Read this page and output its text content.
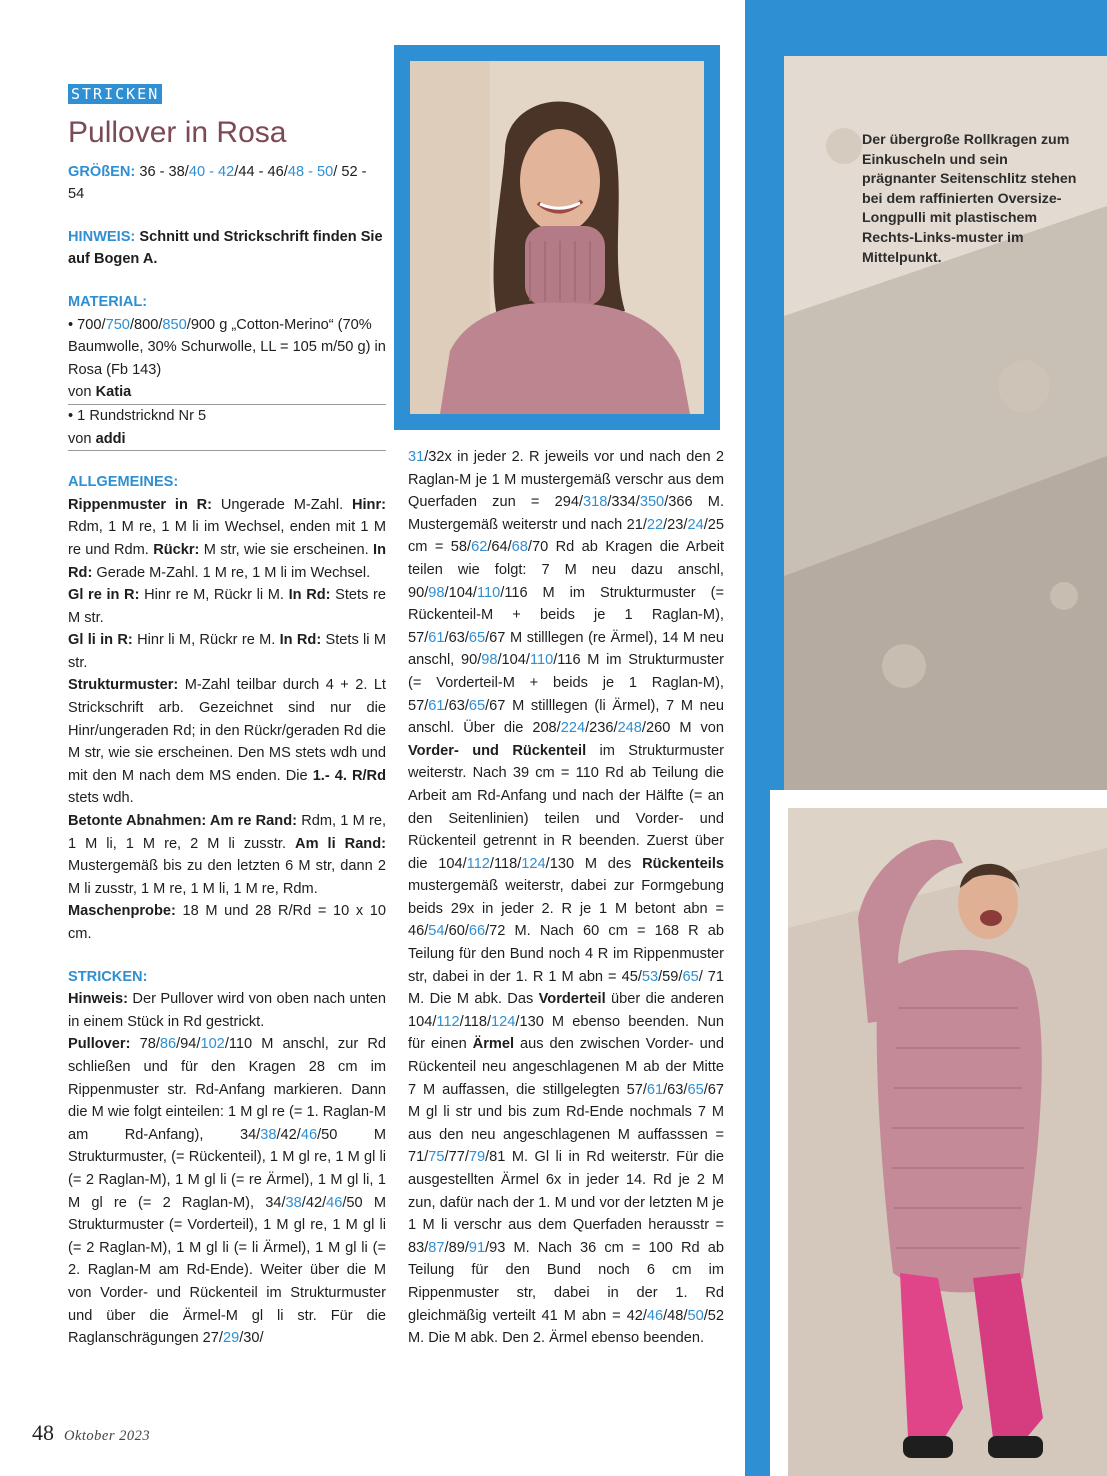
STRICKEN
Pullover in Rosa

GRÖßEN: 36 - 38/40 - 42/44 - 46/48 - 50/ 52 - 54

HINWEIS: Schnitt und Strickschrift finden Sie auf Bogen A.

MATERIAL:

• 700/750/800/850/900 g „Cotton-Merino“ (70% Baumwolle, 30% Schurwolle, LL = 105 m/50 g) in Rosa (Fb 143)

von Katia

• 1 Rundstricknd Nr 5

von addi

ALLGEMEINES:

Rippenmuster in R: Ungerade M-Zahl. Hinr: Rdm, 1 M re, 1 M li im Wechsel, enden mit 1 M re und Rdm. Rückr: M str, wie sie erscheinen. In Rd: Gerade M-Zahl. 1 M re, 1 M li im Wechsel.

Gl re in R: Hinr re M, Rückr li M. In Rd: Stets re M str.

Gl li in R: Hinr li M, Rückr re M. In Rd: Stets li M str.

Strukturmuster: M-Zahl teilbar durch 4 + 2. Lt Strickschrift arb. Gezeichnet sind nur die Hinr/ungeraden Rd; in den Rückr/geraden Rd die M str, wie sie erscheinen. Den MS stets wdh und mit den M nach dem MS enden. Die 1.- 4. R/Rd stets wdh.
Betonte Abnahmen: Am re Rand: Rdm, 1 M re, 1 M li, 1 M re, 2 M li zusstr. Am li Rand: Mustergemäß bis zu den letzten 6 M str, dann 2 M li zusstr, 1 M re, 1 M li, 1 M re, Rdm.
Maschenprobe: 18 M und 28 R/Rd = 10 x 10 cm.

STRICKEN:

Hinweis: Der Pullover wird von oben nach unten in einem Stück in Rd gestrickt.

Pullover: 78/86/94/102/110 M anschl, zur Rd schließen und für den Kragen 28 cm im Rippenmuster str. Rd-Anfang markieren. Dann die M wie folgt einteilen: 1 M gl re (= 1. Raglan-M am Rd-Anfang), 34/38/42/46/50 M Strukturmuster, (= Rückenteil), 1 M gl re, 1 M gl li (= 2 Raglan-M), 1 M gl li (= re Ärmel), 1 M gl li, 1 M gl re (= 2 Raglan-M), 34/38/42/46/50 M Strukturmuster (= Vorderteil), 1 M gl re, 1 M gl li (= 2 Raglan-M), 1 M gl li (= li Ärmel), 1 M gl li (= 2. Raglan-M am Rd-Ende). Weiter über die M von Vorder- und Rückenteil im Strukturmuster und über die Ärmel-M gl li str. Für die Raglanschrägungen 27/29/30/

31/32x in jeder 2. R jeweils vor und nach den 2 Raglan-M je 1 M mustergemäß verschr aus dem Querfaden zun = 294/318/334/350/366 M. Mustergemäß weiterstr und nach 21/22/23/24/25 cm = 58/62/64/68/70 Rd ab Kragen die Arbeit teilen wie folgt: 7 M neu dazu anschl, 90/98/104/110/116 M im Strukturmuster (= Rückenteil-M + beids je 1 Raglan-M), 57/61/63/65/67 M stilllegen (re Ärmel), 14 M neu anschl, 90/98/104/110/116 M im Strukturmuster (= Vorderteil-M + beids je 1 Raglan-M), 57/61/63/65/67 M stilllegen (li Ärmel), 7 M neu anschl. Über die 208/224/236/248/260 M von Vorder- und Rückenteil im Strukturmuster weiterstr. Nach 39 cm = 110 Rd ab Teilung die Arbeit am Rd-Anfang und nach der Hälfte (= an den Seitenlinien) teilen und Vorder- und Rückenteil getrennt in R beenden. Zuerst über die 104/112/118/124/130 M des Rückenteils mustergemäß weiterstr, dabei zur Formgebung beids 29x in jeder 2. R je 1 M betont abn = 46/54/60/66/72 M. Nach 60 cm = 168 R ab Teilung für den Bund noch 4 R im Rippenmuster str, dabei in der 1. R 1 M abn = 45/53/59/65/ 71 M. Die M abk. Das Vorderteil über die anderen 104/112/118/124/130 M ebenso beenden. Nun für einen Ärmel aus den zwischen Vorder- und Rückenteil neu angeschlagenen M ab der Mitte 7 M auffassen, die stillgelegten 57/61/63/65/67 M gl li str und bis zum Rd-Ende nochmals 7 M aus den neu angeschlagenen M auffasssen = 71/75/77/79/81 M. Gl li in Rd weiterstr. Für die ausgestellten Ärmel 6x in jeder 14. Rd je 2 M zun, dafür nach der 1. M und vor der letzten M je 1 M li verschr aus dem Querfaden herausstr = 83/87/89/91/93 M. Nach 36 cm = 100 Rd ab Teilung für den Bund noch 6 cm im Rippenmuster str, dabei in der 1. Rd gleichmäßig verteilt 41 M abn = 42/46/48/50/52 M. Die M abk. Den 2. Ärmel ebenso beenden.

Der übergroße Rollkragen zum Einkuscheln und sein prägnanter Seitenschlitz stehen bei dem raffinierten Oversize-Longpulli mit plastischem Rechts-Links-muster im Mittelpunkt.
48 Oktober 2023
